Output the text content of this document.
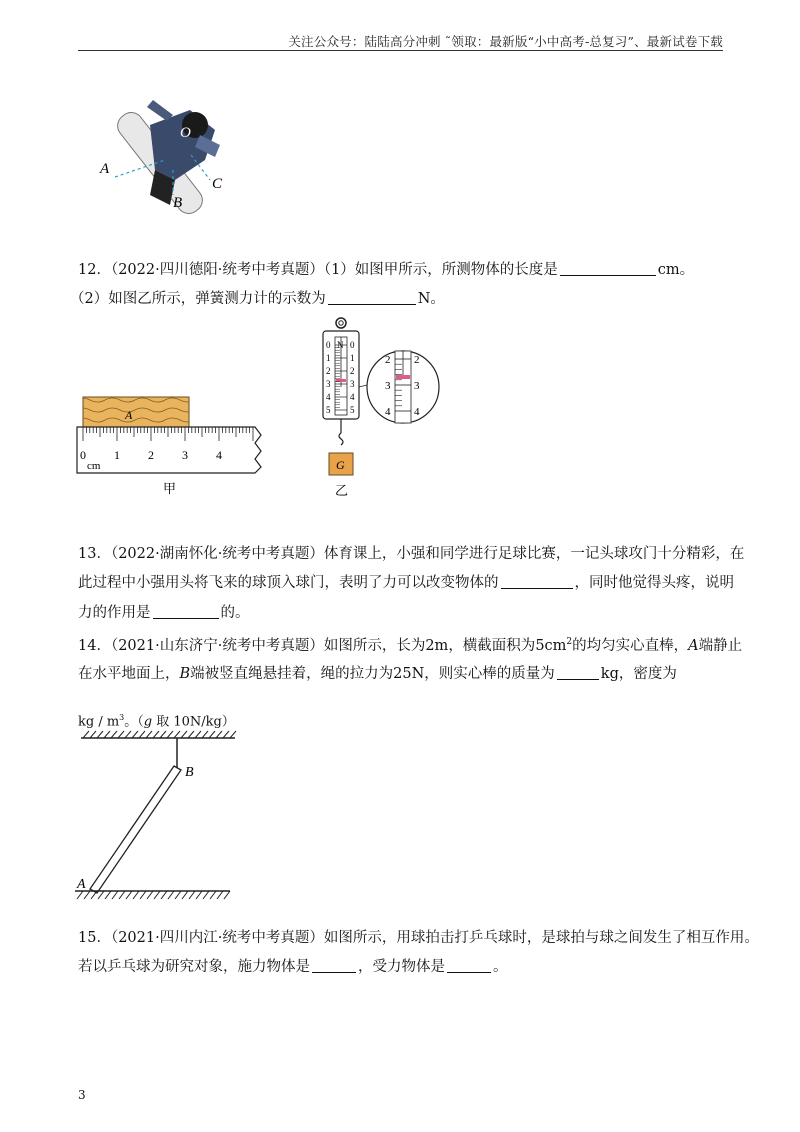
关注公众号：陆陆高分冲刺 ˜领取：最新版“小中高考-总复习”、最新试卷下载
O
A
B
C
12．（2022·四川德阳·统考中考真题）（1）如图甲所示，所测物体的长度是	cm。
（2）如图乙所示，弹簧测力计的示数为	N。
A
0 1 2 3 4
cm
甲
N
0 0
1 1
2 2
3 3
4 4
5 5
G
2 2
3 3
4 4
乙
13．（2022·湖南怀化·统考中考真题）体育课上，小强和同学进行足球比赛，一记头球攻门十分精彩，在
此过程中小强用头将飞来的球顶入球门，表明了力可以改变物体的	，同时他觉得头疼，说明
力的作用是	的。
14．（2021·山东济宁·统考中考真题）如图所示，长为2m，横截面积为$5cm^2$的均匀实心直棒，A端静止
在水平地面上，B端被竖直绳悬挂着，绳的拉力为25N，则实心棒的质量为	kg，密度为
kg / $m^3$。（g 取 10N/kg）
B
A
15．（2021·四川内江·统考中考真题）如图所示，用球拍击打乒乓球时，是球拍与球之间发生了相互作用。
若以乒乓球为研究对象，施力物体是	，受力物体是	。
3
